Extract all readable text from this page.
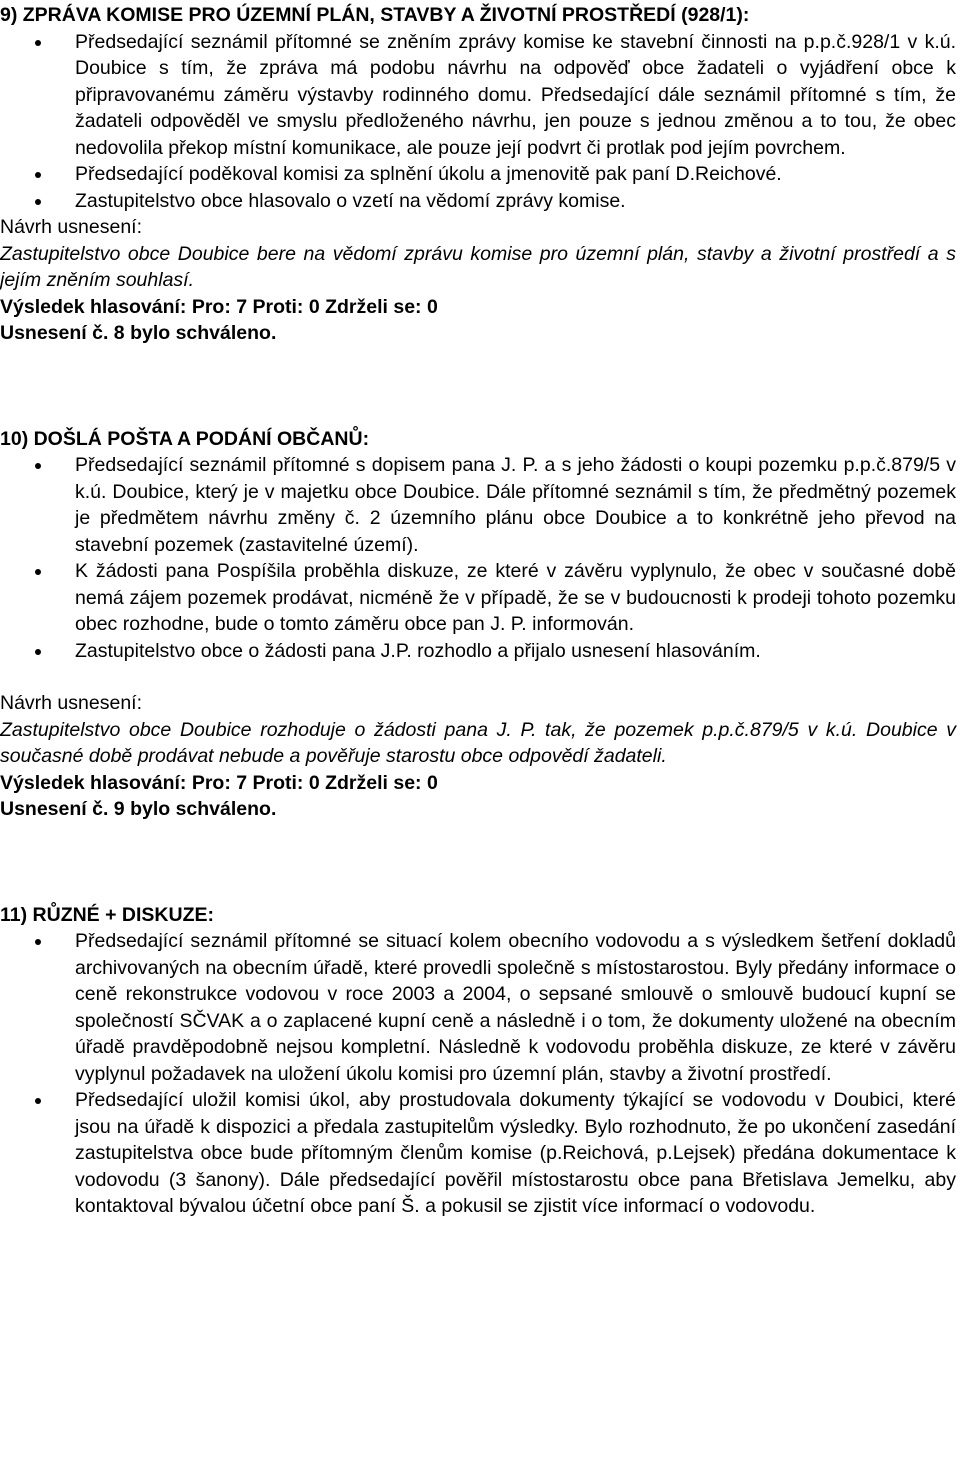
9) ZPRÁVA KOMISE PRO ÚZEMNÍ PLÁN, STAVBY A ŽIVOTNÍ PROSTŘEDÍ (928/1):

Předsedající seznámil přítomné se zněním zprávy komise ke stavební činnosti na p.p.č.928/1 v k.ú. Doubice s tím, že zpráva má podobu návrhu na odpověď obce žadateli o vyjádření obce k připravovanému záměru výstavby rodinného domu. Předsedající dále seznámil přítomné s tím, že žadateli odpověděl ve smyslu předloženého návrhu, jen pouze s jednou změnou a to tou, že obec nedovolila překop místní komunikace, ale pouze její podvrt či protlak pod jejím povrchem.
Předsedající poděkoval komisi za splnění úkolu a jmenovitě pak paní D.Reichové.
Zastupitelstvo obce hlasovalo o vzetí na vědomí zprávy komise.

Návrh usnesení:

Zastupitelstvo obce Doubice bere na vědomí zprávu komise pro územní plán, stavby a životní prostředí a s jejím zněním souhlasí.

Výsledek hlasování: Pro: 7 Proti: 0 Zdrželi se: 0

Usnesení č. 8 bylo schváleno.

10) DOŠLÁ POŠTA A PODÁNÍ OBČANŮ:

Předsedající seznámil přítomné s dopisem pana J. P. a s jeho žádosti o koupi pozemku p.p.č.879/5 v k.ú. Doubice, který je v majetku obce Doubice. Dále přítomné seznámil s tím, že předmětný pozemek je předmětem návrhu změny č. 2 územního plánu obce Doubice a to konkrétně jeho převod na stavební pozemek (zastavitelné území).
K žádosti pana Pospíšila proběhla diskuze, ze které v závěru vyplynulo, že obec v současné době nemá zájem pozemek prodávat, nicméně že v případě, že se v budoucnosti k prodeji tohoto pozemku obec rozhodne, bude o tomto záměru obce pan J. P. informován.
Zastupitelstvo obce o žádosti pana J.P. rozhodlo a přijalo usnesení hlasováním.

Návrh usnesení:

Zastupitelstvo obce Doubice rozhoduje o žádosti pana J. P. tak, že pozemek p.p.č.879/5 v k.ú. Doubice v současné době prodávat nebude a pověřuje starostu obce odpovědí žadateli.

Výsledek hlasování: Pro: 7 Proti: 0 Zdrželi se: 0

Usnesení č. 9 bylo schváleno.

11) RŮZNÉ + DISKUZE:

Předsedající seznámil přítomné se situací kolem obecního vodovodu a s výsledkem šetření dokladů archivovaných na obecním úřadě, které provedli společně s místostarostou. Byly předány informace o ceně rekonstrukce vodovou v roce 2003 a 2004, o sepsané smlouvě o smlouvě budoucí kupní se společností SČVAK a o zaplacené kupní ceně a následně i o tom, že dokumenty uložené na obecním úřadě pravděpodobně nejsou kompletní. Následně k vodovodu proběhla diskuze, ze které v závěru vyplynul požadavek na uložení úkolu komisi pro územní plán, stavby a životní prostředí.
Předsedající uložil komisi úkol, aby prostudovala dokumenty týkající se vodovodu v Doubici, které jsou na úřadě k dispozici a předala zastupitelům výsledky. Bylo rozhodnuto, že po ukončení zasedání zastupitelstva obce bude přítomným členům komise (p.Reichová, p.Lejsek) předána dokumentace k vodovodu (3 šanony). Dále předsedající pověřil místostarostu obce pana Břetislava Jemelku, aby kontaktoval bývalou účetní obce paní Š. a pokusil se zjistit více informací o vodovodu.
